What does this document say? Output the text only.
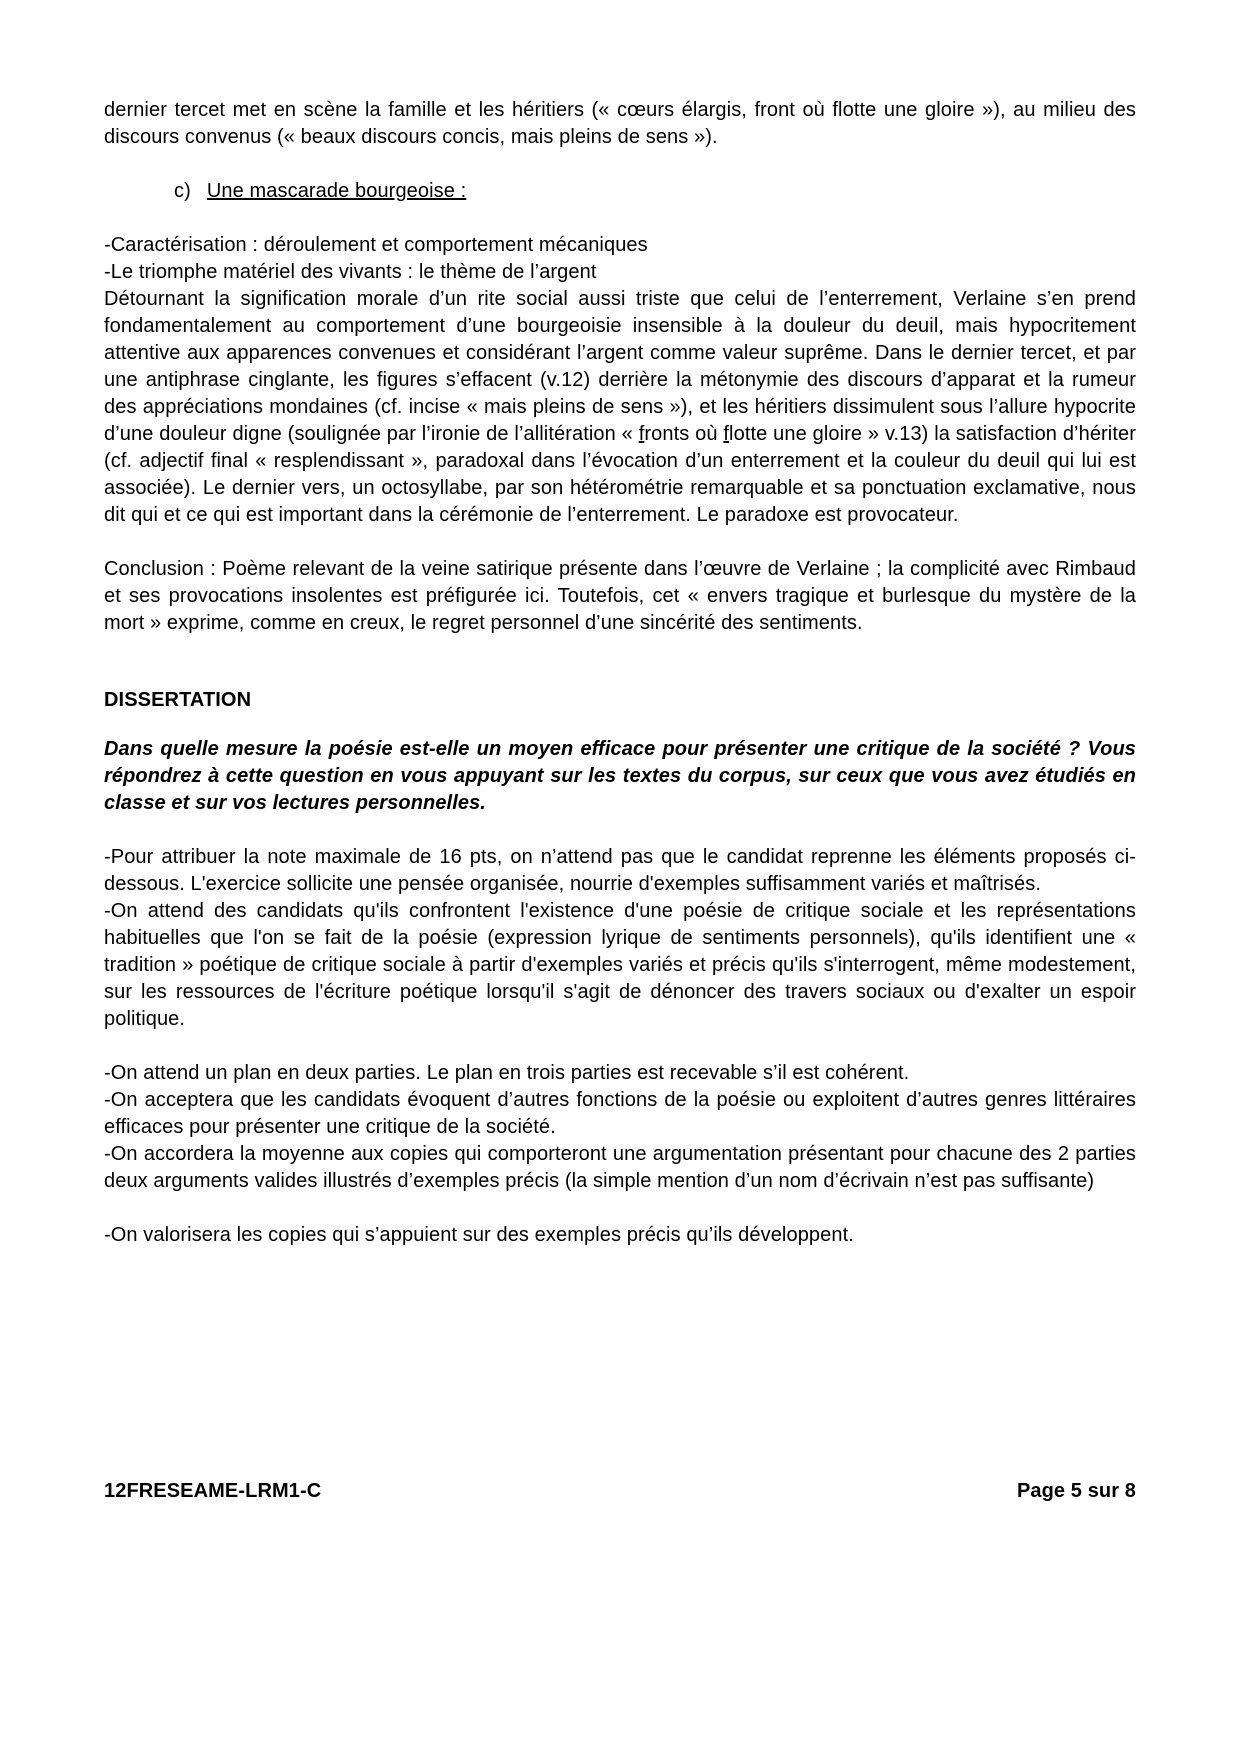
dernier tercet met en scène la famille et les héritiers (« cœurs élargis, front où flotte une gloire »), au milieu des discours convenus (« beaux discours concis, mais pleins de sens »).

c) Une mascarade bourgeoise :

-Caractérisation : déroulement et comportement mécaniques

-Le triomphe matériel des vivants : le thème de l’argent

Détournant la signification morale d’un rite social aussi triste que celui de l’enterrement, Verlaine s’en prend fondamentalement au comportement d’une bourgeoisie insensible à la douleur du deuil, mais hypocritement attentive aux apparences convenues et considérant l’argent comme valeur suprême. Dans le dernier tercet, et par une antiphrase cinglante, les figures s’effacent (v.12) derrière la métonymie des discours d’apparat et la rumeur des appréciations mondaines (cf. incise « mais pleins de sens »), et les héritiers dissimulent sous l’allure hypocrite d’une douleur digne (soulignée par l’ironie de l’allitération « fronts où flotte une gloire » v.13) la satisfaction d’hériter (cf. adjectif final « resplendissant », paradoxal dans l’évocation d’un enterrement et la couleur du deuil qui lui est associée). Le dernier vers, un octosyllabe, par son hétérométrie remarquable et sa ponctuation exclamative, nous dit qui et ce qui est important dans la cérémonie de l’enterrement. Le paradoxe est provocateur.

Conclusion : Poème relevant de la veine satirique présente dans l’œuvre de Verlaine ; la complicité avec Rimbaud et ses provocations insolentes est préfigurée ici. Toutefois, cet « envers tragique et burlesque du mystère de la mort » exprime, comme en creux, le regret personnel d’une sincérité des sentiments.

DISSERTATION

Dans quelle mesure la poésie est-elle un moyen efficace pour présenter une critique de la société ? Vous répondrez à cette question en vous appuyant sur les textes du corpus, sur ceux que vous avez étudiés en classe et sur vos lectures personnelles.

-Pour attribuer la note maximale de 16 pts, on n’attend pas que le candidat reprenne les éléments proposés ci-dessous. L'exercice sollicite une pensée organisée, nourrie d'exemples suffisamment variés et maîtrisés.

-On attend des candidats qu'ils confrontent l'existence d'une poésie de critique sociale et les représentations habituelles que l'on se fait de la poésie (expression lyrique de sentiments personnels), qu'ils identifient une « tradition » poétique de critique sociale à partir d'exemples variés et précis qu'ils s'interrogent, même modestement, sur les ressources de l'écriture poétique lorsqu'il s'agit de dénoncer des travers sociaux ou d'exalter un espoir politique.

-On attend un plan en deux parties. Le plan en trois parties est recevable s’il est cohérent.

-On acceptera que les candidats évoquent d’autres fonctions de la poésie ou exploitent d’autres genres littéraires efficaces pour présenter une critique de la société.

-On accordera la moyenne aux copies qui comporteront une argumentation présentant pour chacune des 2 parties deux arguments valides illustrés d’exemples précis (la simple mention d’un nom d’écrivain n’est pas suffisante)

-On valorisera les copies qui s’appuient sur des exemples précis qu’ils développent.

12FRESEAME-LRM1-C	Page 5 sur 8
